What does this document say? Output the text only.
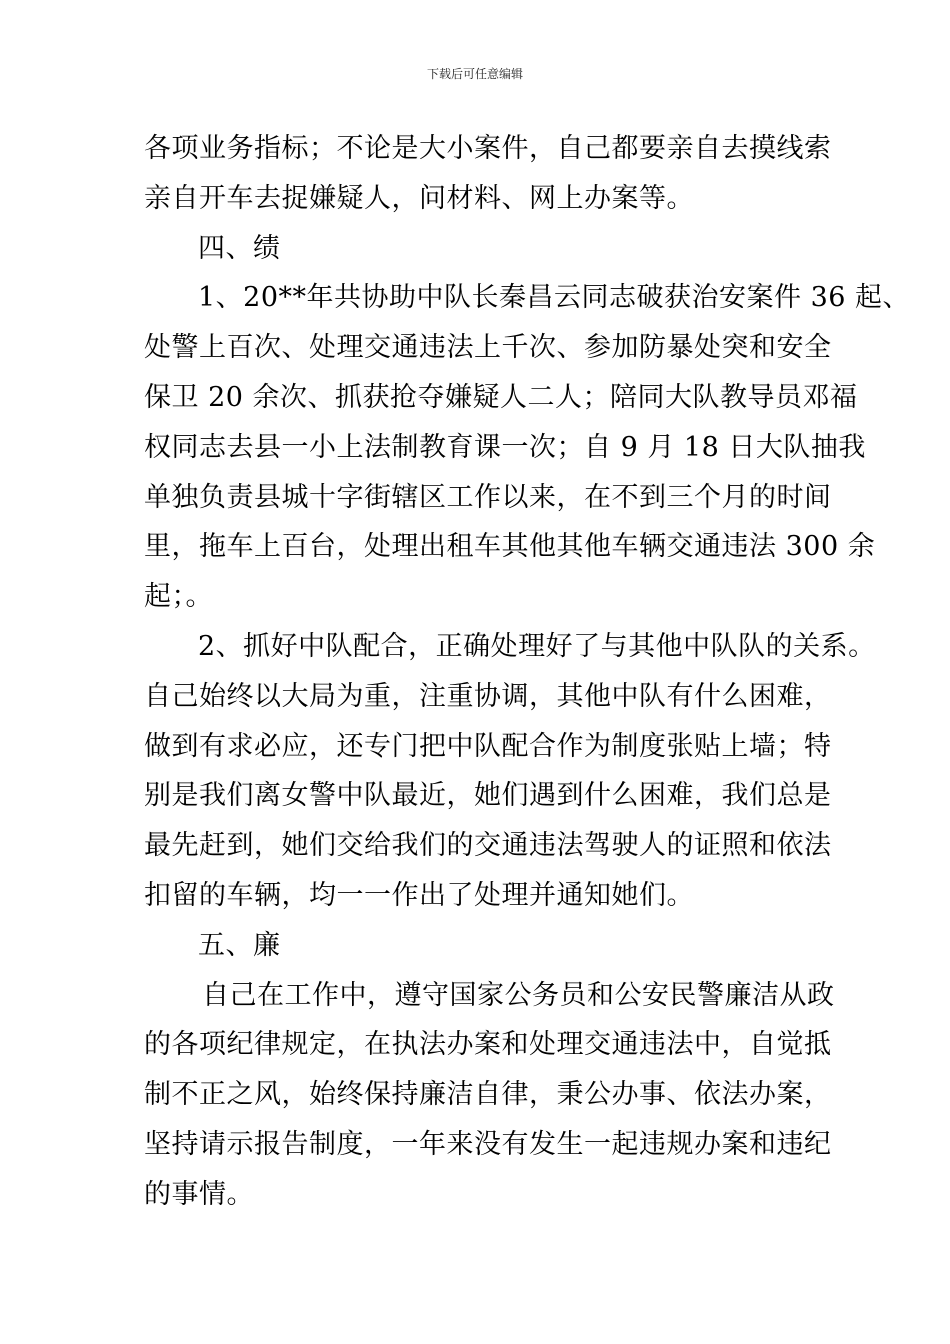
下载后可任意编辑
各项业务指标；不论是大小案件，自己都要亲自去摸线索
亲自开车去捉嫌疑人，问材料、网上办案等。
四、绩
1、20**年共协助中队长秦昌云同志破获治安案件 36 起、
处警上百次、处理交通违法上千次、参加防暴处突和安全
保卫 20 余次、抓获抢夺嫌疑人二人；陪同大队教导员邓福
权同志去县一小上法制教育课一次；自 9 月 18 日大队抽我
单独负责县城十字街辖区工作以来，在不到三个月的时间
里，拖车上百台，处理出租车其他其他车辆交通违法 300 余
起；。
2、抓好中队配合，正确处理好了与其他中队队的关系。
自己始终以大局为重，注重协调，其他中队有什么困难，
做到有求必应，还专门把中队配合作为制度张贴上墙；特
别是我们离女警中队最近，她们遇到什么困难，我们总是
最先赶到，她们交给我们的交通违法驾驶人的证照和依法
扣留的车辆，均一一作出了处理并通知她们。
五、廉
自己在工作中，遵守国家公务员和公安民警廉洁从政
的各项纪律规定，在执法办案和处理交通违法中，自觉抵
制不正之风，始终保持廉洁自律，秉公办事、依法办案，
坚持请示报告制度，一年来没有发生一起违规办案和违纪
的事情。
